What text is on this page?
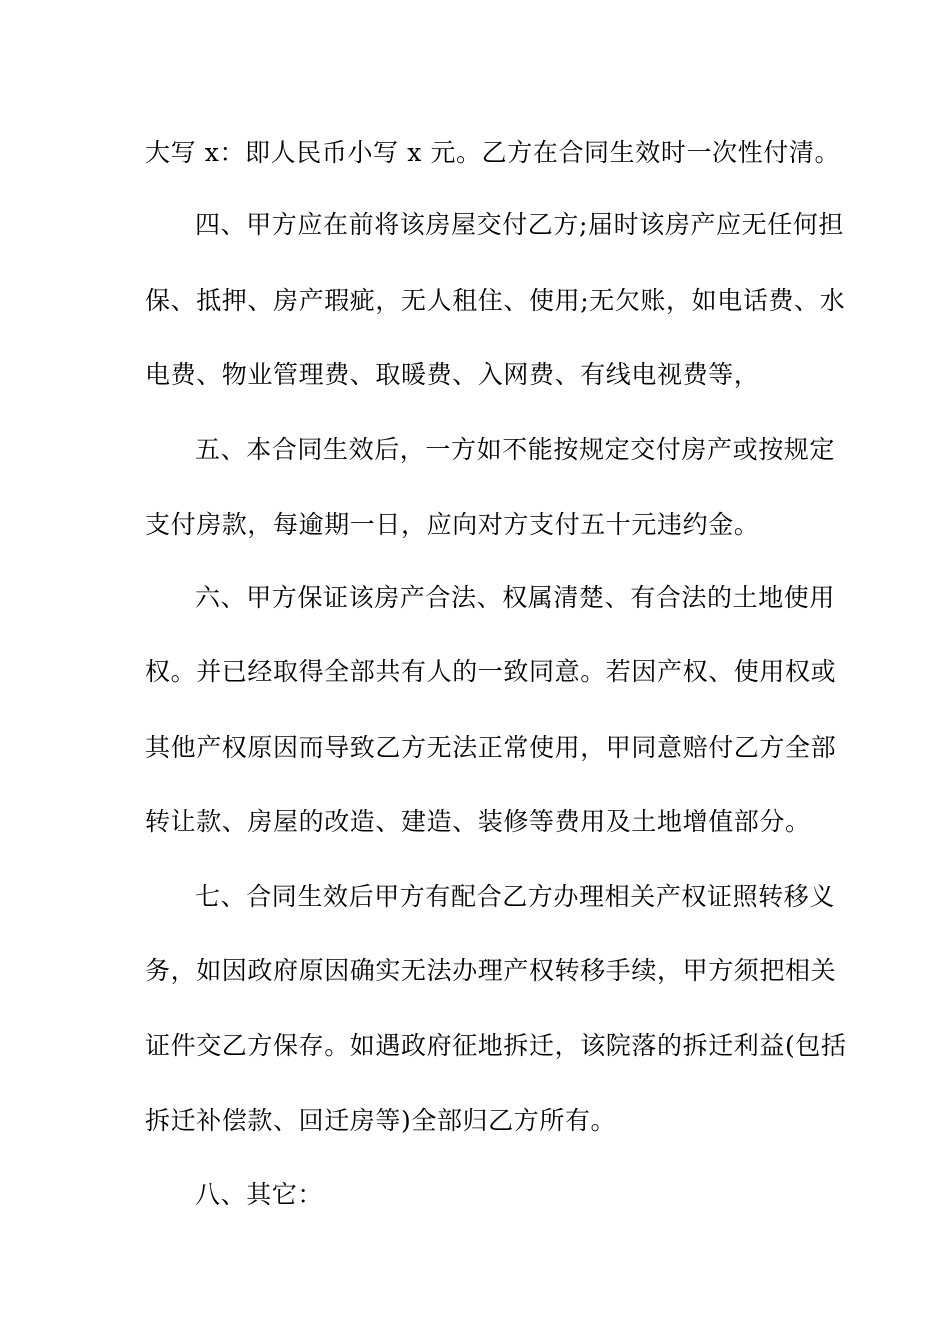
大写 x：即人民币小写 x 元。乙方在合同生效时一次性付清。
四、甲方应在前将该房屋交付乙方;届时该房产应无任何担
保、抵押、房产瑕疵，无人租住、使用;无欠账，如电话费、水
电费、物业管理费、取暖费、入网费、有线电视费等，
五、本合同生效后，一方如不能按规定交付房产或按规定
支付房款，每逾期一日，应向对方支付五十元违约金。
六、甲方保证该房产合法、权属清楚、有合法的土地使用
权。并已经取得全部共有人的一致同意。若因产权、使用权或
其他产权原因而导致乙方无法正常使用，甲同意赔付乙方全部
转让款、房屋的改造、建造、装修等费用及土地增值部分。
七、合同生效后甲方有配合乙方办理相关产权证照转移义
务，如因政府原因确实无法办理产权转移手续，甲方须把相关
证件交乙方保存。如遇政府征地拆迁，该院落的拆迁利益(包括
拆迁补偿款、回迁房等)全部归乙方所有。
八、其它：
